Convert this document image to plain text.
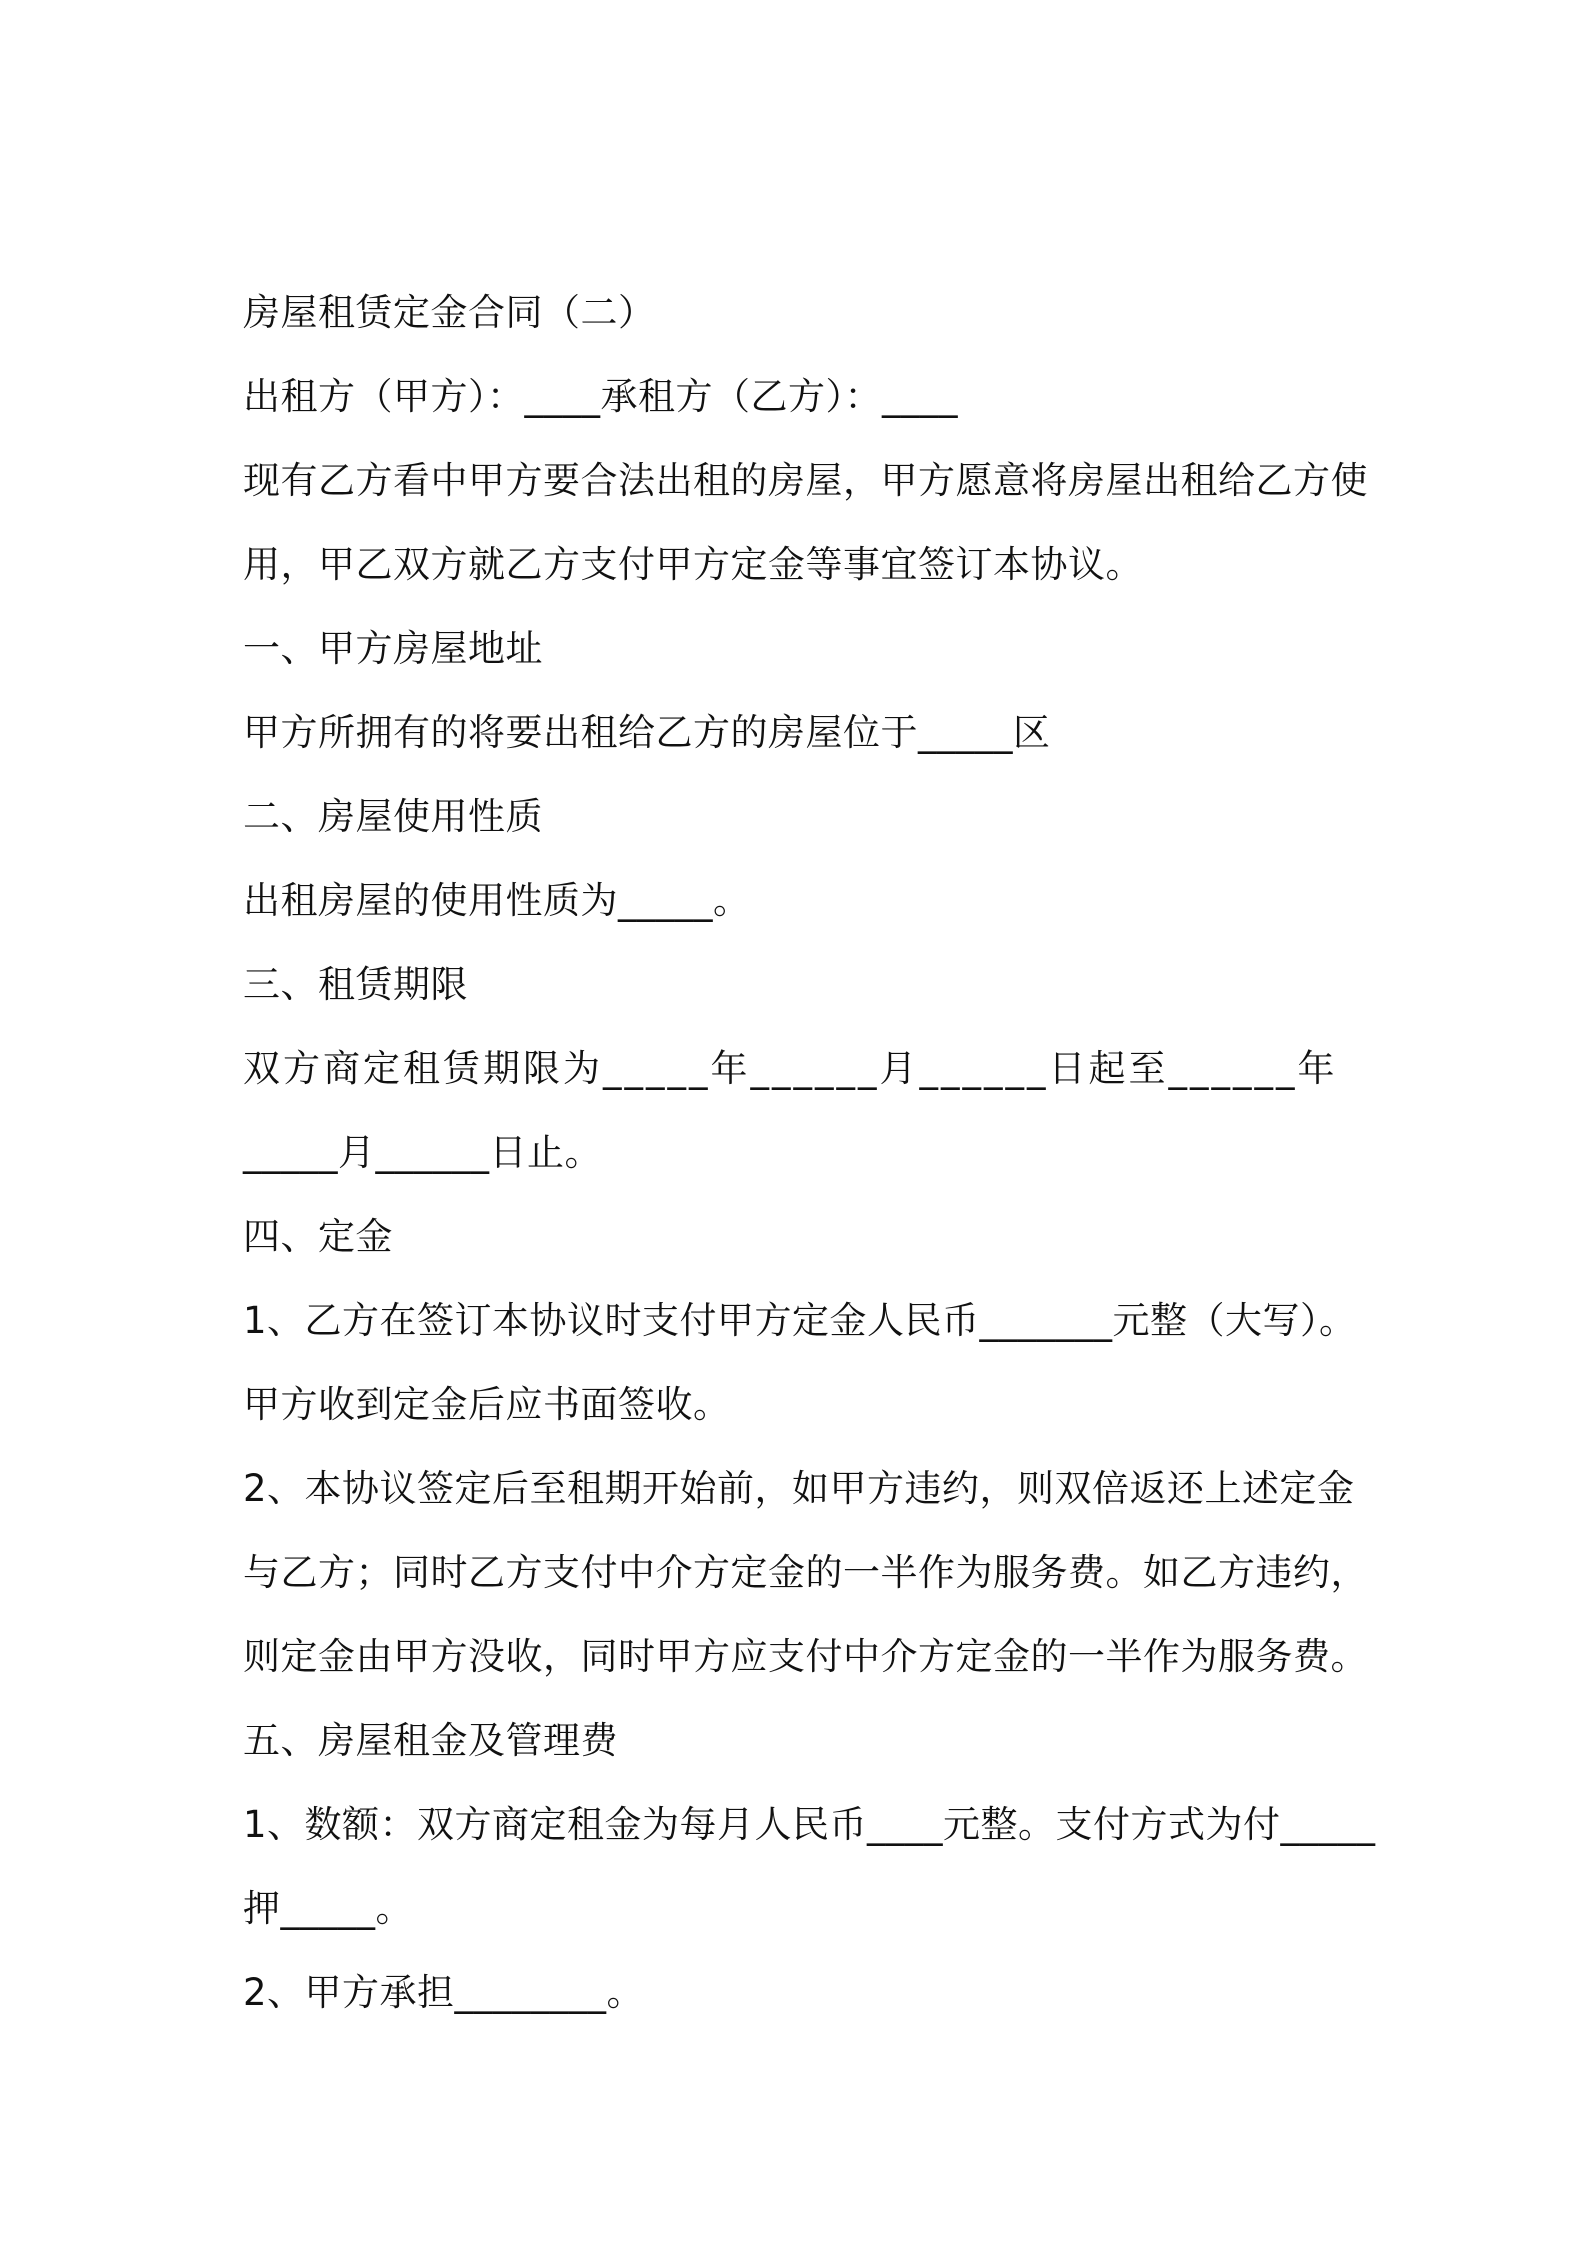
房屋租赁定金合同（二）
出租方（甲方）：____承租方（乙方）：____
现有乙方看中甲方要合法出租的房屋，甲方愿意将房屋出租给乙方使
用，甲乙双方就乙方支付甲方定金等事宜签订本协议。
一、甲方房屋地址
甲方所拥有的将要出租给乙方的房屋位于_____区
二、房屋使用性质
出租房屋的使用性质为_____。
三、租赁期限
双方商定租赁期限为_____年______月______日起至______年
_____月______日止。
四、定金
1、乙方在签订本协议时支付甲方定金人民币_______元整（大写）。
甲方收到定金后应书面签收。
2、本协议签定后至租期开始前，如甲方违约，则双倍返还上述定金
与乙方；同时乙方支付中介方定金的一半作为服务费。如乙方违约，
则定金由甲方没收，同时甲方应支付中介方定金的一半作为服务费。
五、房屋租金及管理费
1、数额：双方商定租金为每月人民币____元整。支付方式为付_____
押_____。
2、甲方承担________。
